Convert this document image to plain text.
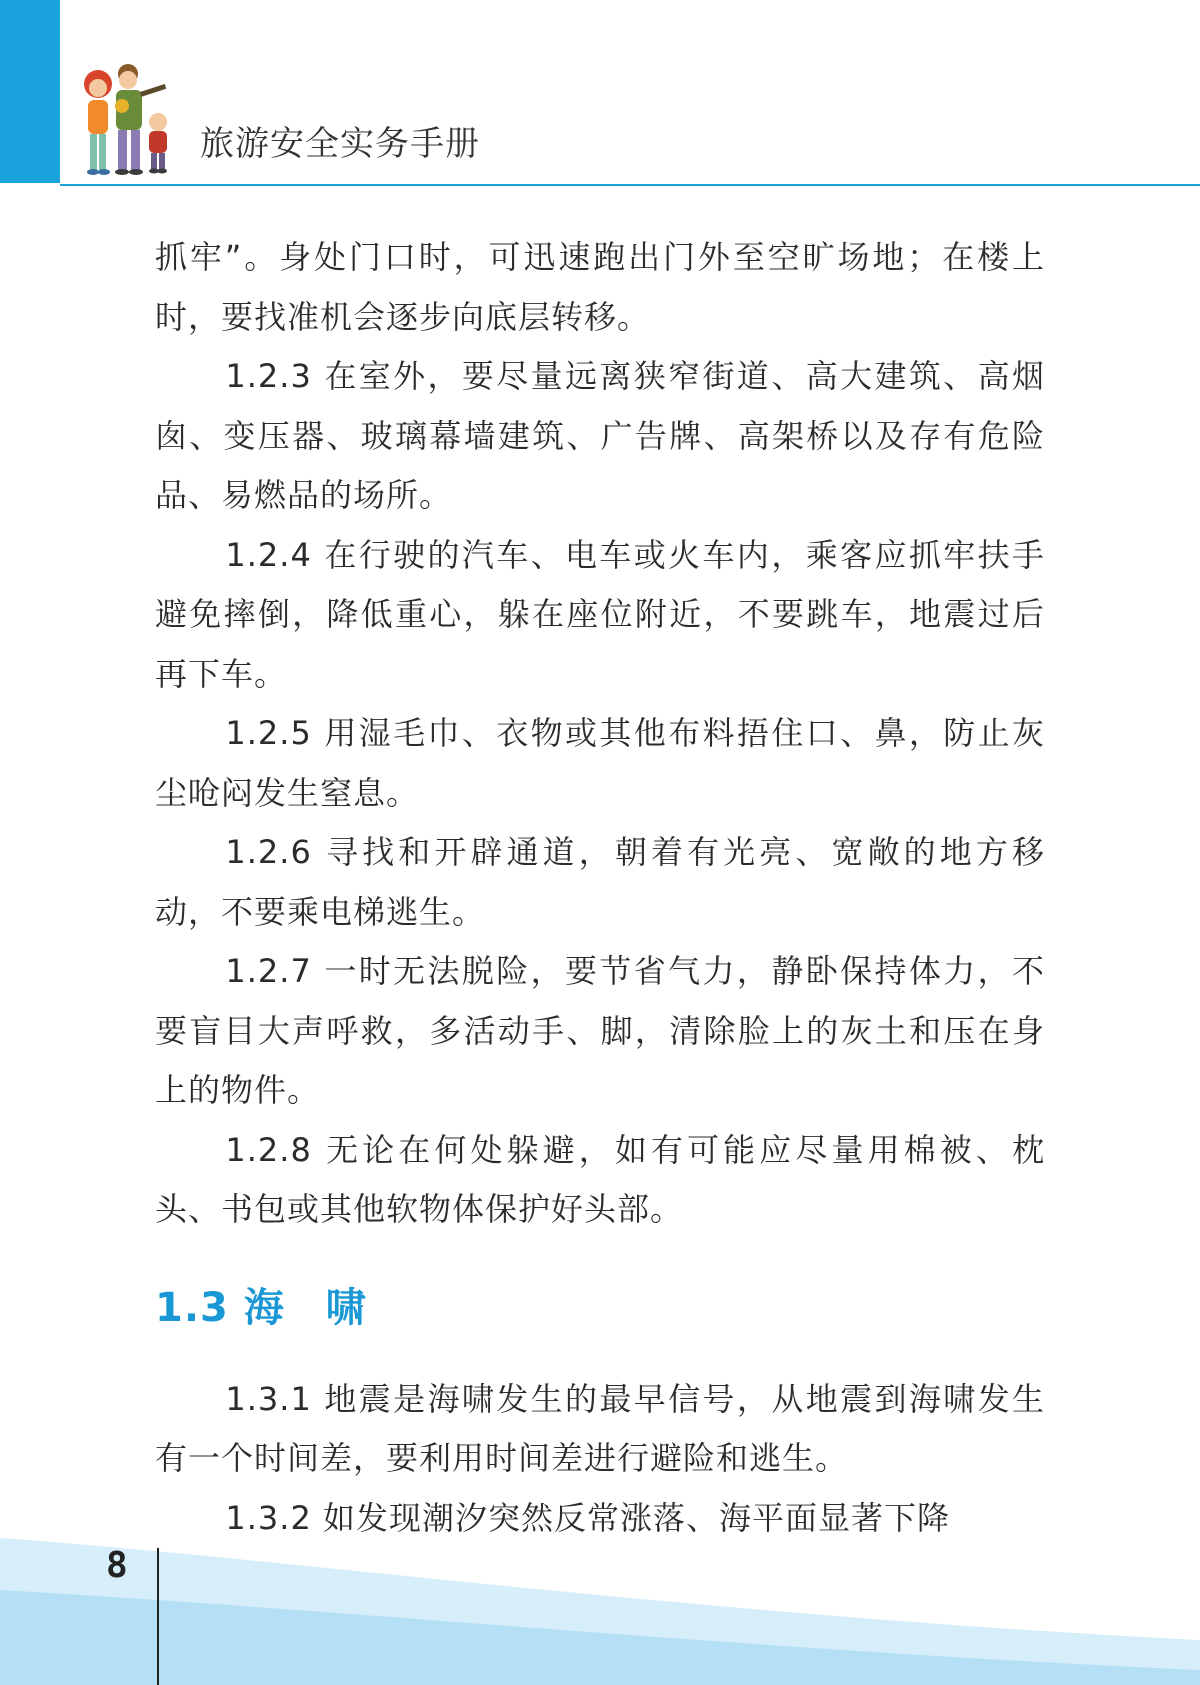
旅游安全实务手册

抓牢”。身处门口时，可迅速跑出门外至空旷场地；在楼上时，要找准机会逐步向底层转移。

1.2.3 在室外，要尽量远离狭窄街道、高大建筑、高烟囱、变压器、玻璃幕墙建筑、广告牌、高架桥以及存有危险品、易燃品的场所。

1.2.4 在行驶的汽车、电车或火车内，乘客应抓牢扶手避免摔倒，降低重心，躲在座位附近，不要跳车，地震过后再下车。

1.2.5 用湿毛巾、衣物或其他布料捂住口、鼻，防止灰尘呛闷发生窒息。

1.2.6 寻找和开辟通道，朝着有光亮、宽敞的地方移动，不要乘电梯逃生。

1.2.7 一时无法脱险，要节省气力，静卧保持体力，不要盲目大声呼救，多活动手、脚，清除脸上的灰土和压在身上的物件。

1.2.8 无论在何处躲避，如有可能应尽量用棉被、枕头、书包或其他软物体保护好头部。

1.3 海　啸

1.3.1 地震是海啸发生的最早信号，从地震到海啸发生有一个时间差，要利用时间差进行避险和逃生。

1.3.2 如发现潮汐突然反常涨落、海平面显著下降

8
